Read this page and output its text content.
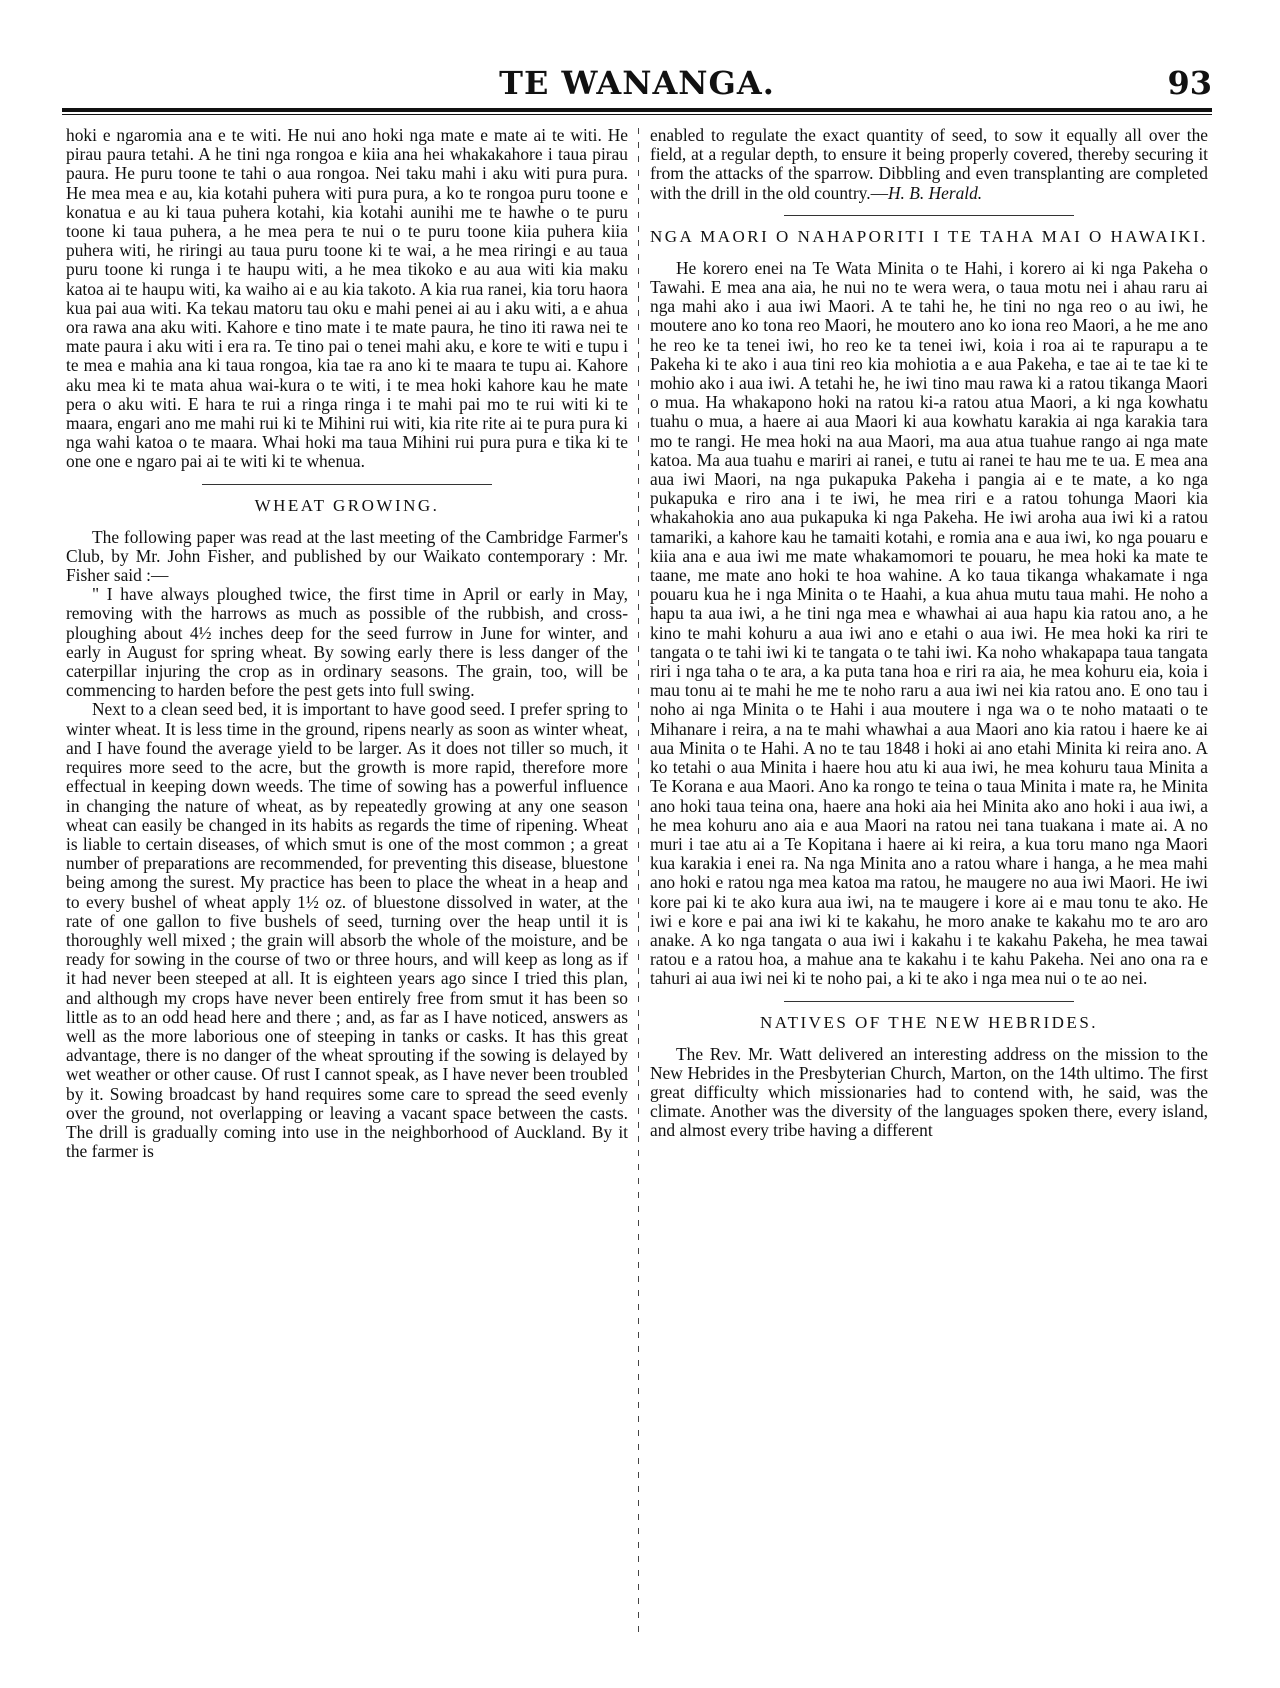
TE WANANGA.	93

hoki e ngaromia ana e te witi. He nui ano hoki nga mate e mate ai te witi. He pirau paura tetahi. A he tini nga rongoa e kiia ana hei whakakahore i taua pirau paura. He puru toone te tahi o aua rongoa. Nei taku mahi i aku witi pura pura. He mea mea e au, kia kotahi puhera witi pura pura, a ko te rongoa puru toone e konatua e au ki taua puhera kotahi, kia kotahi aunihi me te hawhe o te puru toone ki taua puhera, a he mea pera te nui o te puru toone kiia puhera kiia puhera witi, he riringi au taua puru toone ki te wai, a he mea riringi e au taua puru toone ki runga i te haupu witi, a he mea tikoko e au aua witi kia maku katoa ai te haupu witi, ka waiho ai e au kia takoto. A kia rua ranei, kia toru haora kua pai aua witi. Ka tekau matoru tau oku e mahi penei ai au i aku witi, a e ahua ora rawa ana aku witi. Kahore e tino mate i te mate paura, he tino iti rawa nei te mate paura i aku witi i era ra. Te tino pai o tenei mahi aku, e kore te witi e tupu i te mea e mahia ana ki taua rongoa, kia tae ra ano ki te maara te tupu ai. Kahore aku mea ki te mata ahua wai-kura o te witi, i te mea hoki kahore kau he mate pera o aku witi. E hara te rui a ringa ringa i te mahi pai mo te rui witi ki te maara, engari ano me mahi rui ki te Mihini rui witi, kia rite rite ai te pura pura ki nga wahi katoa o te maara. Whai hoki ma taua Mihini rui pura pura e tika ki te one one e ngaro pai ai te witi ki te whenua.

WHEAT GROWING.

The following paper was read at the last meeting of the Cambridge Farmer's Club, by Mr. John Fisher, and published by our Waikato contemporary : Mr. Fisher said :—

" I have always ploughed twice, the first time in April or early in May, removing with the harrows as much as possible of the rubbish, and cross-ploughing about 4½ inches deep for the seed furrow in June for winter, and early in August for spring wheat. By sowing early there is less danger of the caterpillar injuring the crop as in ordinary seasons. The grain, too, will be commencing to harden before the pest gets into full swing.

Next to a clean seed bed, it is important to have good seed. I prefer spring to winter wheat. It is less time in the ground, ripens nearly as soon as winter wheat, and I have found the average yield to be larger. As it does not tiller so much, it requires more seed to the acre, but the growth is more rapid, therefore more effectual in keeping down weeds. The time of sowing has a powerful influence in changing the nature of wheat, as by repeatedly growing at any one season wheat can easily be changed in its habits as regards the time of ripening. Wheat is liable to certain diseases, of which smut is one of the most common ; a great number of preparations are recommended, for preventing this disease, bluestone being among the surest. My practice has been to place the wheat in a heap and to every bushel of wheat apply 1½ oz. of bluestone dissolved in water, at the rate of one gallon to five bushels of seed, turning over the heap until it is thoroughly well mixed ; the grain will absorb the whole of the moisture, and be ready for sowing in the course of two or three hours, and will keep as long as if it had never been steeped at all. It is eighteen years ago since I tried this plan, and although my crops have never been entirely free from smut it has been so little as to an odd head here and there ; and, as far as I have noticed, answers as well as the more laborious one of steeping in tanks or casks. It has this great advantage, there is no danger of the wheat sprouting if the sowing is delayed by wet weather or other cause. Of rust I cannot speak, as I have never been troubled by it. Sowing broadcast by hand requires some care to spread the seed evenly over the ground, not overlapping or leaving a vacant space between the casts. The drill is gradually coming into use in the neighborhood of Auckland. By it the farmer is

enabled to regulate the exact quantity of seed, to sow it equally all over the field, at a regular depth, to ensure it being properly covered, thereby securing it from the attacks of the sparrow. Dibbling and even transplanting are completed with the drill in the old country.—H. B. Herald.

NGA MAORI O NAHAPORITI I TE TAHA MAI O HAWAIKI.

He korero enei na Te Wata Minita o te Hahi, i korero ai ki nga Pakeha o Tawahi. E mea ana aia, he nui no te wera wera, o taua motu nei i ahau raru ai nga mahi ako i aua iwi Maori. A te tahi he, he tini no nga reo o au iwi, he moutere ano ko tona reo Maori, he moutero ano ko iona reo Maori, a he me ano he reo ke ta tenei iwi, ho reo ke ta tenei iwi, koia i roa ai te rapurapu a te Pakeha ki te ako i aua tini reo kia mohiotia a e aua Pakeha, e tae ai te tae ki te mohio ako i aua iwi. A tetahi he, he iwi tino mau rawa ki a ratou tikanga Maori o mua. Ha whakapono hoki na ratou ki-a ratou atua Maori, a ki nga kowhatu tuahu o mua, a haere ai aua Maori ki aua kowhatu karakia ai nga karakia tara mo te rangi. He mea hoki na aua Maori, ma aua atua tuahue rango ai nga mate katoa. Ma aua tuahu e mariri ai ranei, e tutu ai ranei te hau me te ua. E mea ana aua iwi Maori, na nga pukapuka Pakeha i pangia ai e te mate, a ko nga pukapuka e riro ana i te iwi, he mea riri e a ratou tohunga Maori kia whakahokia ano aua pukapuka ki nga Pakeha. He iwi aroha aua iwi ki a ratou tamariki, a kahore kau he tamaiti kotahi, e romia ana e aua iwi, ko nga pouaru e kiia ana e aua iwi me mate whakamomori te pouaru, he mea hoki ka mate te taane, me mate ano hoki te hoa wahine. A ko taua tikanga whakamate i nga pouaru kua he i nga Minita o te Haahi, a kua ahua mutu taua mahi. He noho a hapu ta aua iwi, a he tini nga mea e whawhai ai aua hapu kia ratou ano, a he kino te mahi kohuru a aua iwi ano e etahi o aua iwi. He mea hoki ka riri te tangata o te tahi iwi ki te tangata o te tahi iwi. Ka noho whakapapa taua tangata riri i nga taha o te ara, a ka puta tana hoa e riri ra aia, he mea kohuru eia, koia i mau tonu ai te mahi he me te noho raru a aua iwi nei kia ratou ano. E ono tau i noho ai nga Minita o te Hahi i aua moutere i nga wa o te noho mataati o te Mihanare i reira, a na te mahi whawhai a aua Maori ano kia ratou i haere ke ai aua Minita o te Hahi. A no te tau 1848 i hoki ai ano etahi Minita ki reira ano. A ko tetahi o aua Minita i haere hou atu ki aua iwi, he mea kohuru taua Minita a Te Korana e aua Maori. Ano ka rongo te teina o taua Minita i mate ra, he Minita ano hoki taua teina ona, haere ana hoki aia hei Minita ako ano hoki i aua iwi, a he mea kohuru ano aia e aua Maori na ratou nei tana tuakana i mate ai. A no muri i tae atu ai a Te Kopitana i haere ai ki reira, a kua toru mano nga Maori kua karakia i enei ra. Na nga Minita ano a ratou whare i hanga, a he mea mahi ano hoki e ratou nga mea katoa ma ratou, he maugere no aua iwi Maori. He iwi kore pai ki te ako kura aua iwi, na te maugere i kore ai e mau tonu te ako. He iwi e kore e pai ana iwi ki te kakahu, he moro anake te kakahu mo te aro aro anake. A ko nga tangata o aua iwi i kakahu i te kakahu Pakeha, he mea tawai ratou e a ratou hoa, a mahue ana te kakahu i te kahu Pakeha. Nei ano ona ra e tahuri ai aua iwi nei ki te noho pai, a ki te ako i nga mea nui o te ao nei.

NATIVES OF THE NEW HEBRIDES.

The Rev. Mr. Watt delivered an interesting address on the mission to the New Hebrides in the Presbyterian Church, Marton, on the 14th ultimo. The first great difficulty which missionaries had to contend with, he said, was the climate. Another was the diversity of the languages spoken there, every island, and almost every tribe having a different
